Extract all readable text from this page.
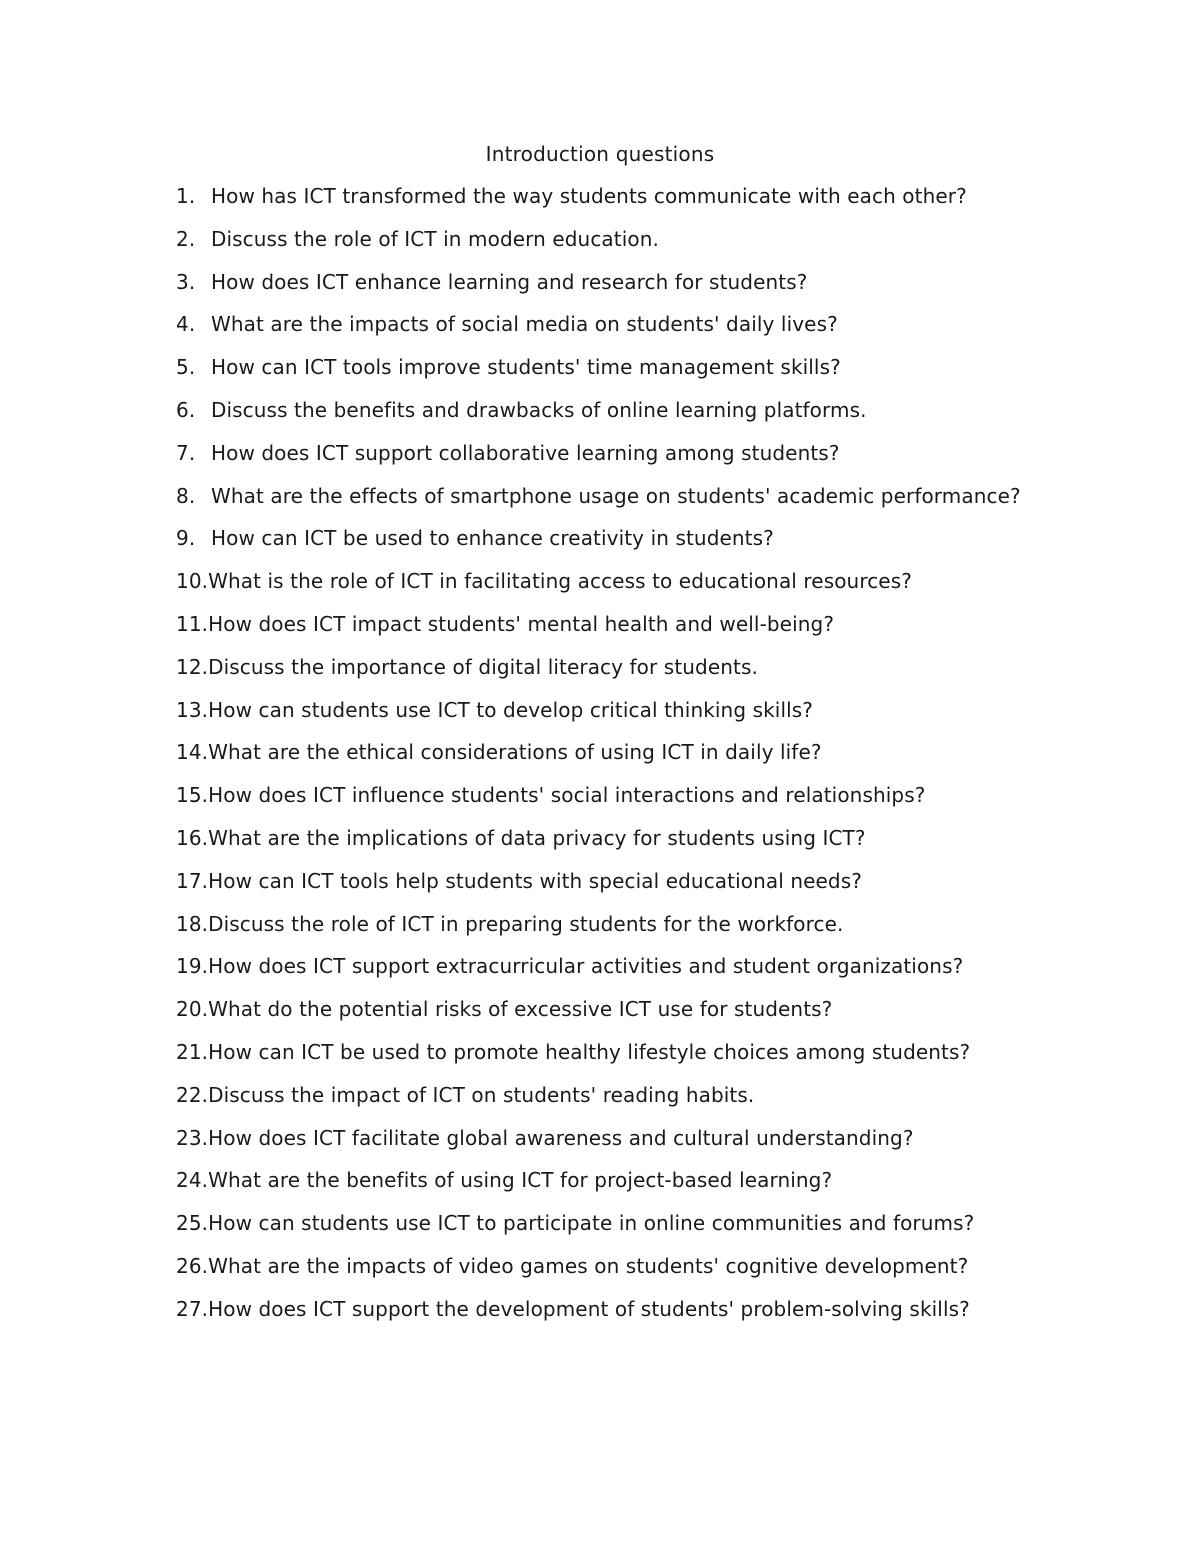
Introduction questions
1. How has ICT transformed the way students communicate with each other?
2. Discuss the role of ICT in modern education.
3. How does ICT enhance learning and research for students?
4. What are the impacts of social media on students' daily lives?
5. How can ICT tools improve students' time management skills?
6. Discuss the benefits and drawbacks of online learning platforms.
7. How does ICT support collaborative learning among students?
8. What are the effects of smartphone usage on students' academic performance?
9. How can ICT be used to enhance creativity in students?
10. What is the role of ICT in facilitating access to educational resources?
11. How does ICT impact students' mental health and well-being?
12. Discuss the importance of digital literacy for students.
13. How can students use ICT to develop critical thinking skills?
14. What are the ethical considerations of using ICT in daily life?
15. How does ICT influence students' social interactions and relationships?
16. What are the implications of data privacy for students using ICT?
17. How can ICT tools help students with special educational needs?
18. Discuss the role of ICT in preparing students for the workforce.
19. How does ICT support extracurricular activities and student organizations?
20. What do the potential risks of excessive ICT use for students?
21. How can ICT be used to promote healthy lifestyle choices among students?
22. Discuss the impact of ICT on students' reading habits.
23. How does ICT facilitate global awareness and cultural understanding?
24. What are the benefits of using ICT for project-based learning?
25. How can students use ICT to participate in online communities and forums?
26. What are the impacts of video games on students' cognitive development?
27. How does ICT support the development of students' problem-solving skills?
